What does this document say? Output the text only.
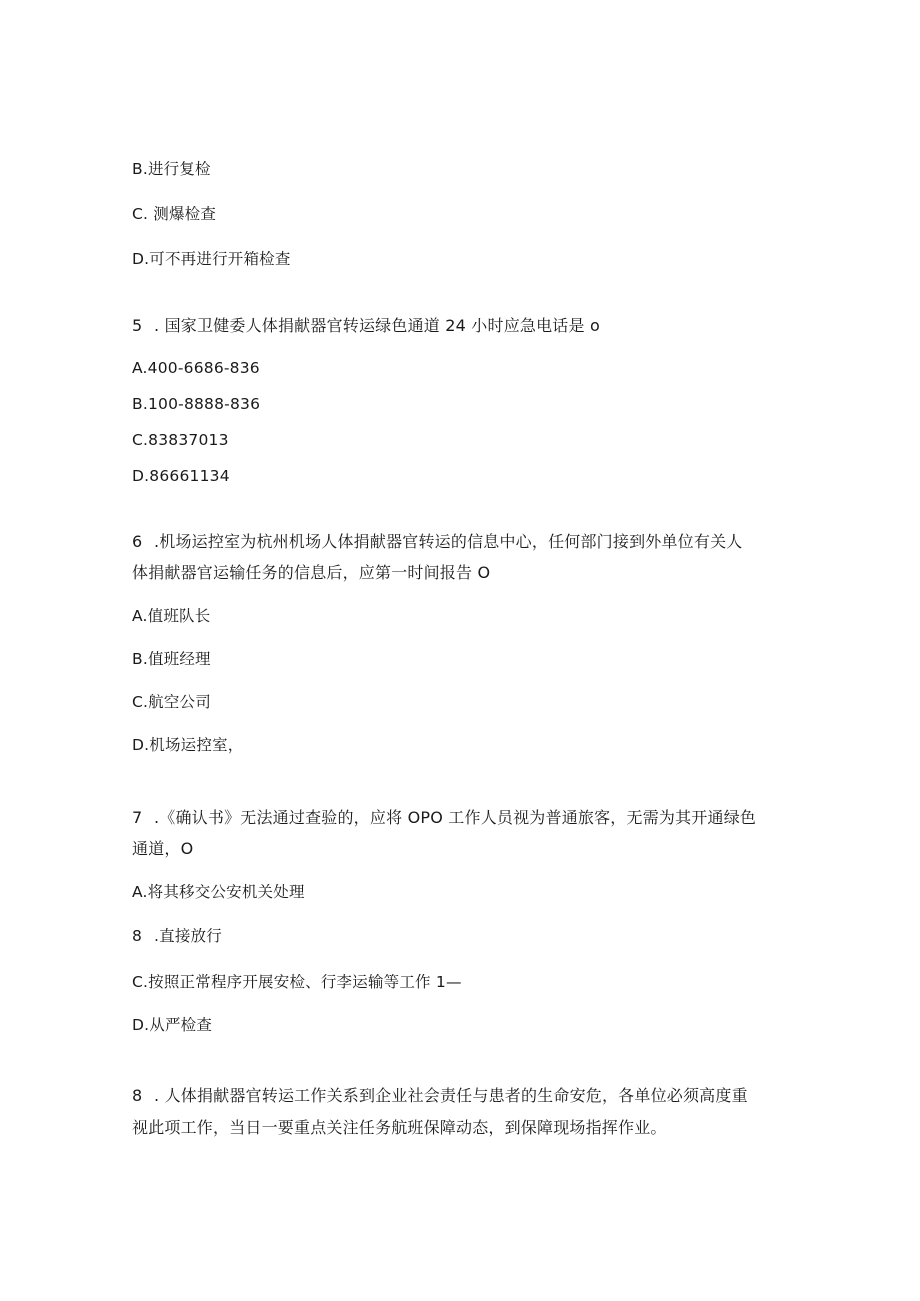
B.进行复检
C. 测爆检查
D.可不再进行开箱检查
5 . 国家卫健委人体捐献器官转运绿色通道 24 小时应急电话是 o
A.400-6686-836
B.100-8888-836
C.83837013
D.86661134
6 .机场运控室为杭州机场人体捐献器官转运的信息中心，任何部门接到外单位有关人
体捐献器官运输任务的信息后，应第一时间报告 O
A.值班队长
B.值班经理
C.航空公司
D.机场运控室，
7 .《确认书》无法通过查验的，应将 OPO 工作人员视为普通旅客，无需为其开通绿色
通道，O
A.将其移交公安机关处理
8 .直接放行
C.按照正常程序开展安检、行李运输等工作 1—
D.从严检查
8 . 人体捐献器官转运工作关系到企业社会责任与患者的生命安危，各单位必须高度重
视此项工作，当日一要重点关注任务航班保障动态，到保障现场指挥作业。
